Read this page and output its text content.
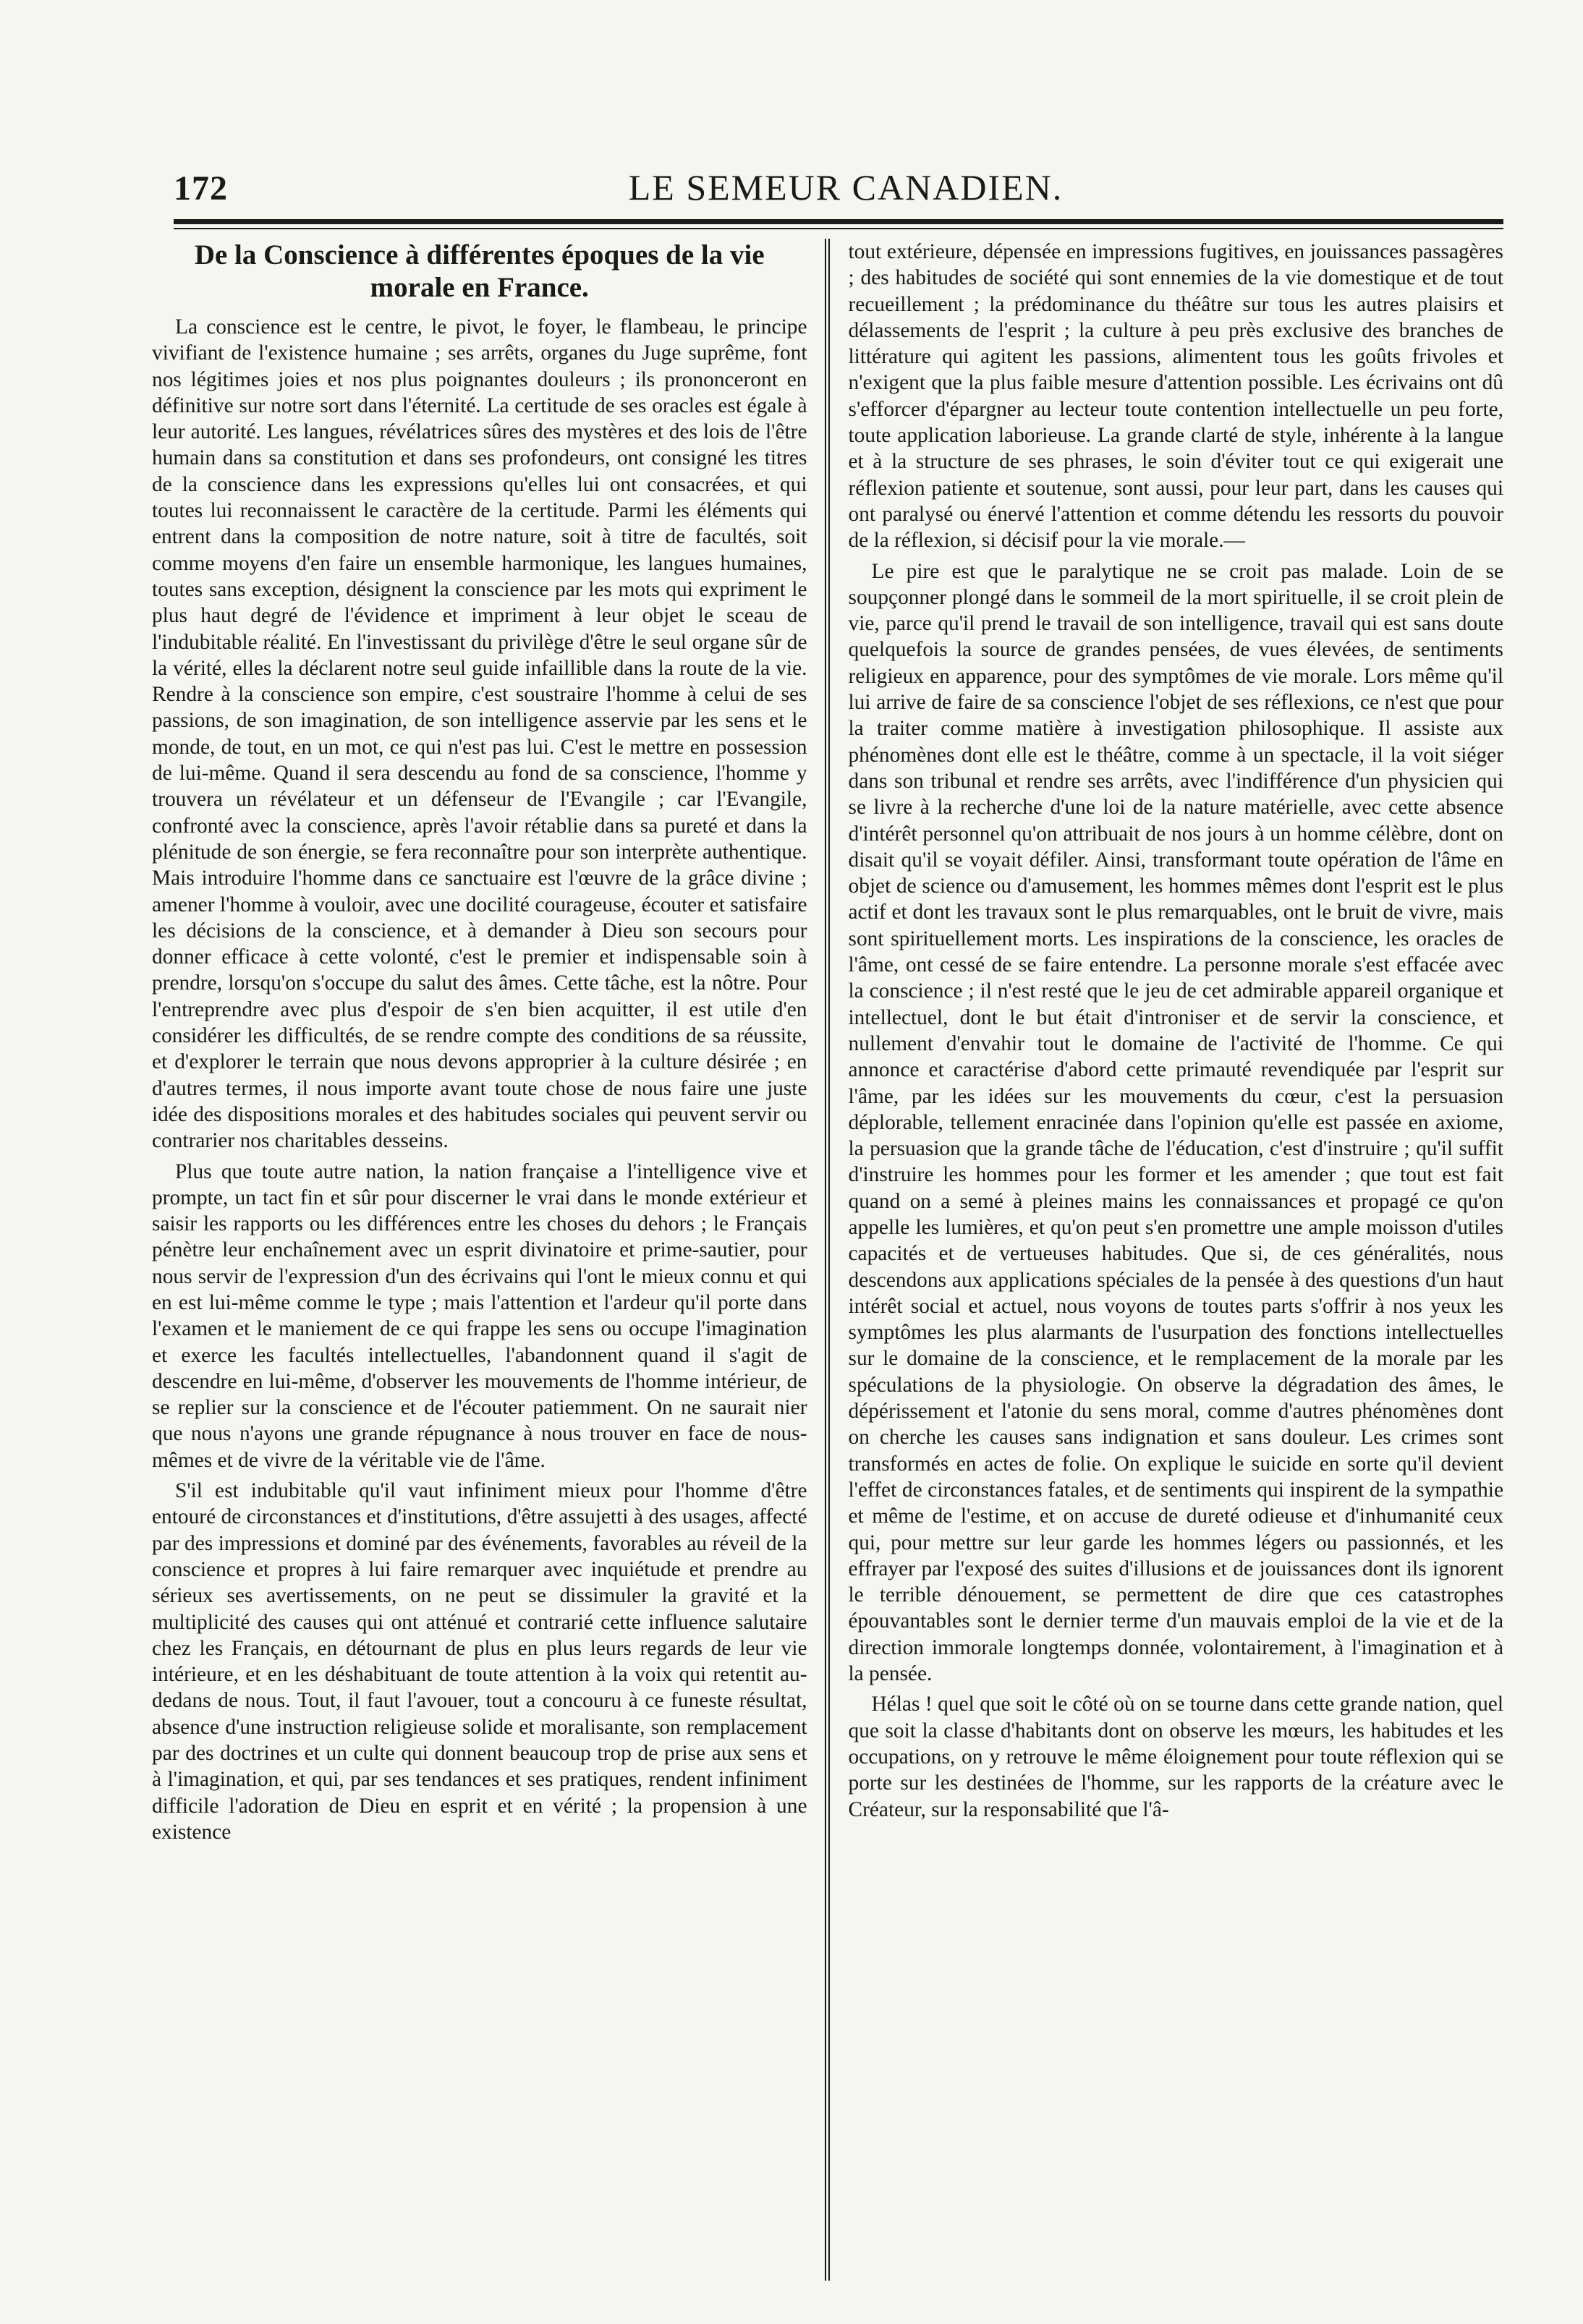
172	LE SEMEUR CANADIEN.
De la Conscience à différentes époques de la vie morale en France.

La conscience est le centre, le pivot, le foyer, le flambeau, le principe vivifiant de l'existence humaine ; ses arrêts, organes du Juge suprême, font nos légitimes joies et nos plus poignantes douleurs ; ils prononceront en définitive sur notre sort dans l'éternité. La certitude de ses oracles est égale à leur autorité. Les langues, révélatrices sûres des mystères et des lois de l'être humain dans sa constitution et dans ses profondeurs, ont consigné les titres de la conscience dans les expressions qu'elles lui ont consacrées, et qui toutes lui reconnaissent le caractère de la certitude. Parmi les éléments qui entrent dans la composition de notre nature, soit à titre de facultés, soit comme moyens d'en faire un ensemble harmonique, les langues humaines, toutes sans exception, désignent la conscience par les mots qui expriment le plus haut degré de l'évidence et impriment à leur objet le sceau de l'indubitable réalité. En l'investissant du privilège d'être le seul organe sûr de la vérité, elles la déclarent notre seul guide infaillible dans la route de la vie. Rendre à la conscience son empire, c'est soustraire l'homme à celui de ses passions, de son imagination, de son intelligence asservie par les sens et le monde, de tout, en un mot, ce qui n'est pas lui. C'est le mettre en possession de lui-même. Quand il sera descendu au fond de sa conscience, l'homme y trouvera un révélateur et un défenseur de l'Evangile ; car l'Evangile, confronté avec la conscience, après l'avoir rétablie dans sa pureté et dans la plénitude de son énergie, se fera reconnaître pour son interprète authentique. Mais introduire l'homme dans ce sanctuaire est l'œuvre de la grâce divine ; amener l'homme à vouloir, avec une docilité courageuse, écouter et satisfaire les décisions de la conscience, et à demander à Dieu son secours pour donner efficace à cette volonté, c'est le premier et indispensable soin à prendre, lorsqu'on s'occupe du salut des âmes. Cette tâche, est la nôtre. Pour l'entreprendre avec plus d'espoir de s'en bien acquitter, il est utile d'en considérer les difficultés, de se rendre compte des conditions de sa réussite, et d'explorer le terrain que nous devons approprier à la culture désirée ; en d'autres termes, il nous importe avant toute chose de nous faire une juste idée des dispositions morales et des habitudes sociales qui peuvent servir ou contrarier nos charitables desseins.

Plus que toute autre nation, la nation française a l'intelligence vive et prompte, un tact fin et sûr pour discerner le vrai dans le monde extérieur et saisir les rapports ou les différences entre les choses du dehors ; le Français pénètre leur enchaînement avec un esprit divinatoire et prime-sautier, pour nous servir de l'expression d'un des écrivains qui l'ont le mieux connu et qui en est lui-même comme le type ; mais l'attention et l'ardeur qu'il porte dans l'examen et le maniement de ce qui frappe les sens ou occupe l'imagination et exerce les facultés intellectuelles, l'abandonnent quand il s'agit de descendre en lui-même, d'observer les mouvements de l'homme intérieur, de se replier sur la conscience et de l'écouter patiemment. On ne saurait nier que nous n'ayons une grande répugnance à nous trouver en face de nous-mêmes et de vivre de la véritable vie de l'âme.

S'il est indubitable qu'il vaut infiniment mieux pour l'homme d'être entouré de circonstances et d'institutions, d'être assujetti à des usages, affecté par des impressions et dominé par des événements, favorables au réveil de la conscience et propres à lui faire remarquer avec inquiétude et prendre au sérieux ses avertissements, on ne peut se dissimuler la gravité et la multiplicité des causes qui ont atténué et contrarié cette influence salutaire chez les Français, en détournant de plus en plus leurs regards de leur vie intérieure, et en les déshabituant de toute attention à la voix qui retentit au-dedans de nous. Tout, il faut l'avouer, tout a concouru à ce funeste résultat, absence d'une instruction religieuse solide et moralisante, son remplacement par des doctrines et un culte qui donnent beaucoup trop de prise aux sens et à l'imagination, et qui, par ses tendances et ses pratiques, rendent infiniment difficile l'adoration de Dieu en esprit et en vérité ; la propension à une existence

tout extérieure, dépensée en impressions fugitives, en jouissances passagères ; des habitudes de société qui sont ennemies de la vie domestique et de tout recueillement ; la prédominance du théâtre sur tous les autres plaisirs et délassements de l'esprit ; la culture à peu près exclusive des branches de littérature qui agitent les passions, alimentent tous les goûts frivoles et n'exigent que la plus faible mesure d'attention possible. Les écrivains ont dû s'efforcer d'épargner au lecteur toute contention intellectuelle un peu forte, toute application laborieuse. La grande clarté de style, inhérente à la langue et à la structure de ses phrases, le soin d'éviter tout ce qui exigerait une réflexion patiente et soutenue, sont aussi, pour leur part, dans les causes qui ont paralysé ou énervé l'attention et comme détendu les ressorts du pouvoir de la réflexion, si décisif pour la vie morale.—

Le pire est que le paralytique ne se croit pas malade. Loin de se soupçonner plongé dans le sommeil de la mort spirituelle, il se croit plein de vie, parce qu'il prend le travail de son intelligence, travail qui est sans doute quelquefois la source de grandes pensées, de vues élevées, de sentiments religieux en apparence, pour des symptômes de vie morale. Lors même qu'il lui arrive de faire de sa conscience l'objet de ses réflexions, ce n'est que pour la traiter comme matière à investigation philosophique. Il assiste aux phénomènes dont elle est le théâtre, comme à un spectacle, il la voit siéger dans son tribunal et rendre ses arrêts, avec l'indifférence d'un physicien qui se livre à la recherche d'une loi de la nature matérielle, avec cette absence d'intérêt personnel qu'on attribuait de nos jours à un homme célèbre, dont on disait qu'il se voyait défiler. Ainsi, transformant toute opération de l'âme en objet de science ou d'amusement, les hommes mêmes dont l'esprit est le plus actif et dont les travaux sont le plus remarquables, ont le bruit de vivre, mais sont spirituellement morts. Les inspirations de la conscience, les oracles de l'âme, ont cessé de se faire entendre. La personne morale s'est effacée avec la conscience ; il n'est resté que le jeu de cet admirable appareil organique et intellectuel, dont le but était d'introniser et de servir la conscience, et nullement d'envahir tout le domaine de l'activité de l'homme. Ce qui annonce et caractérise d'abord cette primauté revendiquée par l'esprit sur l'âme, par les idées sur les mouvements du cœur, c'est la persuasion déplorable, tellement enracinée dans l'opinion qu'elle est passée en axiome, la persuasion que la grande tâche de l'éducation, c'est d'instruire ; qu'il suffit d'instruire les hommes pour les former et les amender ; que tout est fait quand on a semé à pleines mains les connaissances et propagé ce qu'on appelle les lumières, et qu'on peut s'en promettre une ample moisson d'utiles capacités et de vertueuses habitudes. Que si, de ces généralités, nous descendons aux applications spéciales de la pensée à des questions d'un haut intérêt social et actuel, nous voyons de toutes parts s'offrir à nos yeux les symptômes les plus alarmants de l'usurpation des fonctions intellectuelles sur le domaine de la conscience, et le remplacement de la morale par les spéculations de la physiologie. On observe la dégradation des âmes, le dépérissement et l'atonie du sens moral, comme d'autres phénomènes dont on cherche les causes sans indignation et sans douleur. Les crimes sont transformés en actes de folie. On explique le suicide en sorte qu'il devient l'effet de circonstances fatales, et de sentiments qui inspirent de la sympathie et même de l'estime, et on accuse de dureté odieuse et d'inhumanité ceux qui, pour mettre sur leur garde les hommes légers ou passionnés, et les effrayer par l'exposé des suites d'illusions et de jouissances dont ils ignorent le terrible dénouement, se permettent de dire que ces catastrophes épouvantables sont le dernier terme d'un mauvais emploi de la vie et de la direction immorale longtemps donnée, volontairement, à l'imagination et à la pensée.

Hélas ! quel que soit le côté où on se tourne dans cette grande nation, quel que soit la classe d'habitants dont on observe les mœurs, les habitudes et les occupations, on y retrouve le même éloignement pour toute réflexion qui se porte sur les destinées de l'homme, sur les rapports de la créature avec le Créateur, sur la responsabilité que l'â-
